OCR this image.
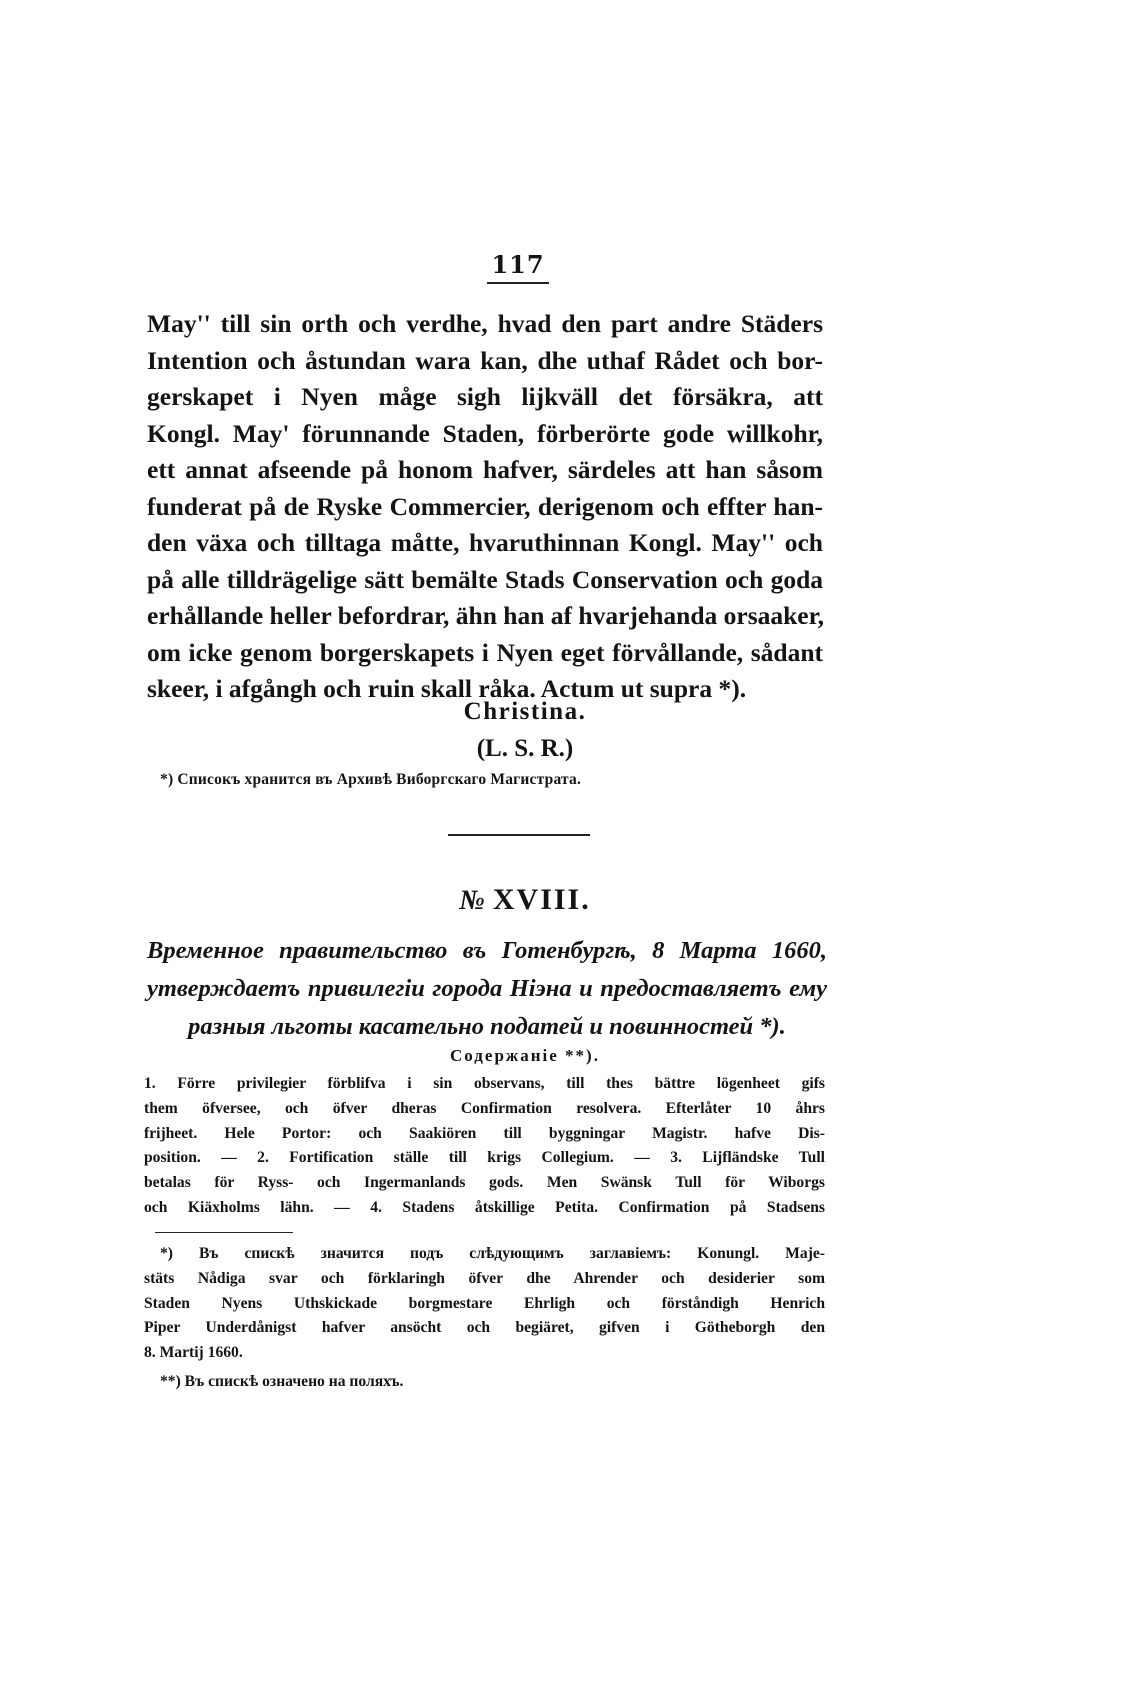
117
May'' till sin orth och verdhe, hvad den part andre Städers
Intention och åstundan wara kan, dhe uthaf Rådet och bor-
gerskapet i Nyen måge sigh lijkväll det försäkra, att
Kongl. May' förunnande Staden, förberörte gode willkohr,
ett annat afseende på honom hafver, särdeles att han såsom
funderat på de Ryske Commercier, derigenom och effter han-
den växa och tilltaga måtte, hvaruthinnan Kongl. May'' och
på alle tilldrägelige sätt bemälte Stads Conservation och goda
erhållande heller befordrar, ähn han af hvarjehanda orsaaker,
om icke genom borgerskapets i Nyen eget förvållande, sådant
skeer, i afgångh och ruin skall råka. Actum ut supra *).
Christina.
(L. S. R.)
*) Списокъ хранится въ Архивѣ Виборгскаго Магистрата.
№ XVIII.
Временное правительство въ Готенбургѣ, 8 Марта 1660,
утверждаетъ привилегіи города Ніэна и предоставляетъ ему
разныя льготы касательно податей и повинностей *).
Содержаніе **).
1. Förre privilegier förblifva i sin observans, till thes bättre lögenheet gifs
them öfversee, och öfver dheras Confirmation resolvera. Efterlåter 10 åhrs
frijheet. Hele Portor: och Saakiören till byggningar Magistr. hafve Dis-
position. — 2. Fortification ställe till krigs Collegium. — 3. Lijfländske Tull
betalas för Ryss- och Ingermanlands gods. Men Swänsk Tull för Wiborgs
och Kiäxholms lähn. — 4. Stadens åtskillige Petita. Confirmation på Stadsens
*) Въ спискѣ значится подъ слѣдующимъ заглавіемъ: Konungl. Maje-
stäts Nådiga svar och förklaringh öfver dhe Ahrender och desiderier som
Staden Nyens Uthskickade borgmestare Ehrligh och förståndigh Henrich
Piper Underdånigst hafver ansöcht och begiäret, gifven i Götheborgh den
8. Martij 1660.
**) Въ спискѣ означено на поляхъ.
